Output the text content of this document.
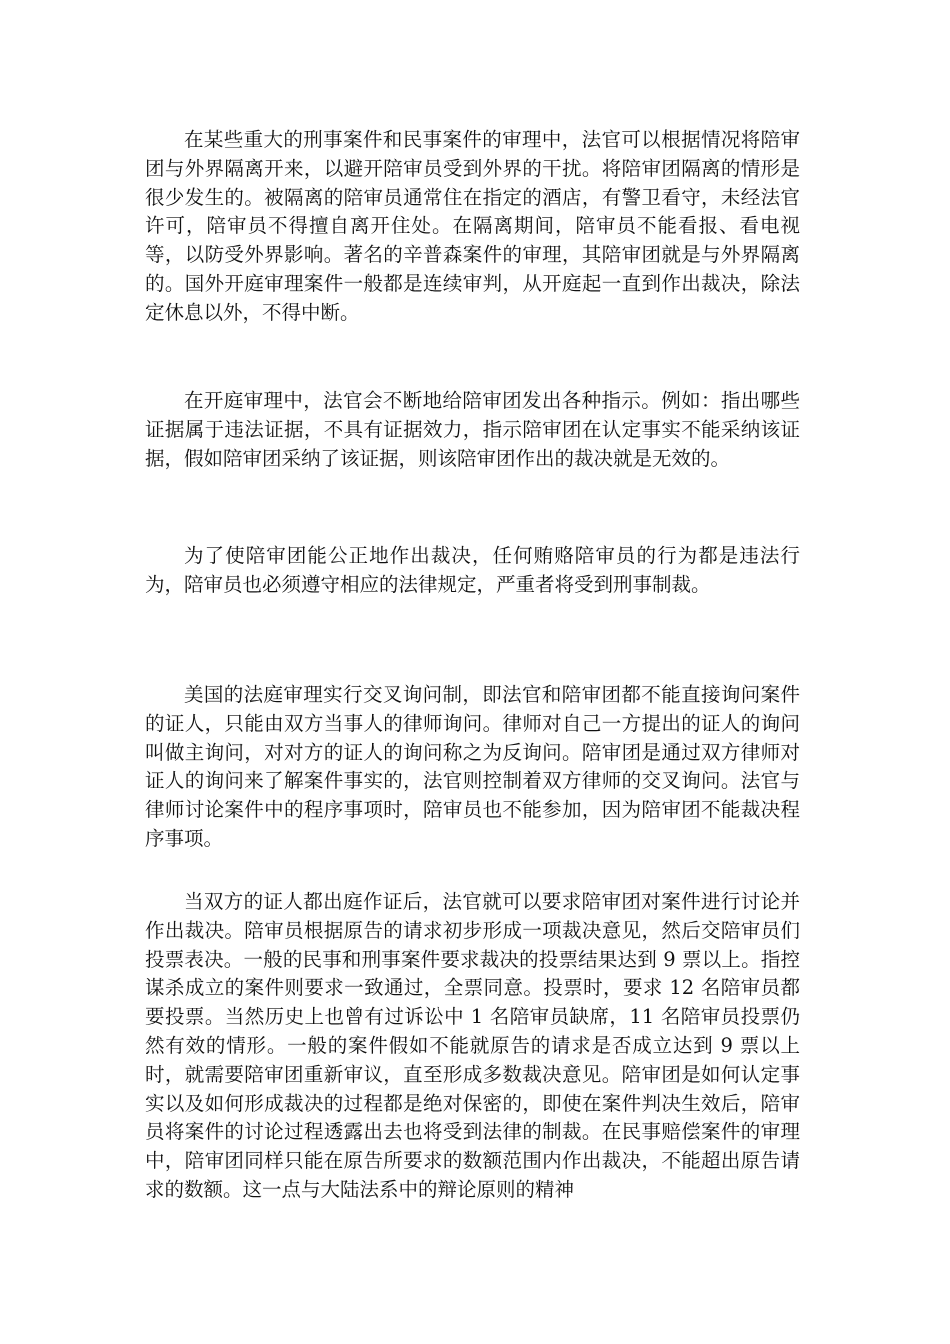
在某些重大的刑事案件和民事案件的审理中，法官可以根据情况将陪审团与外界隔离开来，以避开陪审员受到外界的干扰。将陪审团隔离的情形是很少发生的。被隔离的陪审员通常住在指定的酒店，有警卫看守，未经法官许可，陪审员不得擅自离开住处。在隔离期间，陪审员不能看报、看电视等，以防受外界影响。著名的辛普森案件的审理，其陪审团就是与外界隔离的。国外开庭审理案件一般都是连续审判，从开庭起一直到作出裁决，除法定休息以外，不得中断。

在开庭审理中，法官会不断地给陪审团发出各种指示。例如：指出哪些证据属于违法证据，不具有证据效力，指示陪审团在认定事实不能采纳该证据，假如陪审团采纳了该证据，则该陪审团作出的裁决就是无效的。

为了使陪审团能公正地作出裁决，任何贿赂陪审员的行为都是违法行为，陪审员也必须遵守相应的法律规定，严重者将受到刑事制裁。

美国的法庭审理实行交叉询问制，即法官和陪审团都不能直接询问案件的证人，只能由双方当事人的律师询问。律师对自己一方提出的证人的询问叫做主询问，对对方的证人的询问称之为反询问。陪审团是通过双方律师对证人的询问来了解案件事实的，法官则控制着双方律师的交叉询问。法官与律师讨论案件中的程序事项时，陪审员也不能参加，因为陪审团不能裁决程序事项。

当双方的证人都出庭作证后，法官就可以要求陪审团对案件进行讨论并作出裁决。陪审员根据原告的请求初步形成一项裁决意见，然后交陪审员们投票表决。一般的民事和刑事案件要求裁决的投票结果达到 9 票以上。指控谋杀成立的案件则要求一致通过，全票同意。投票时，要求 12 名陪审员都要投票。当然历史上也曾有过诉讼中 1 名陪审员缺席，11 名陪审员投票仍然有效的情形。一般的案件假如不能就原告的请求是否成立达到 9 票以上时，就需要陪审团重新审议，直至形成多数裁决意见。陪审团是如何认定事实以及如何形成裁决的过程都是绝对保密的，即使在案件判决生效后，陪审员将案件的讨论过程透露出去也将受到法律的制裁。在民事赔偿案件的审理中，陪审团同样只能在原告所要求的数额范围内作出裁决，不能超出原告请求的数额。这一点与大陆法系中的辩论原则的精神
